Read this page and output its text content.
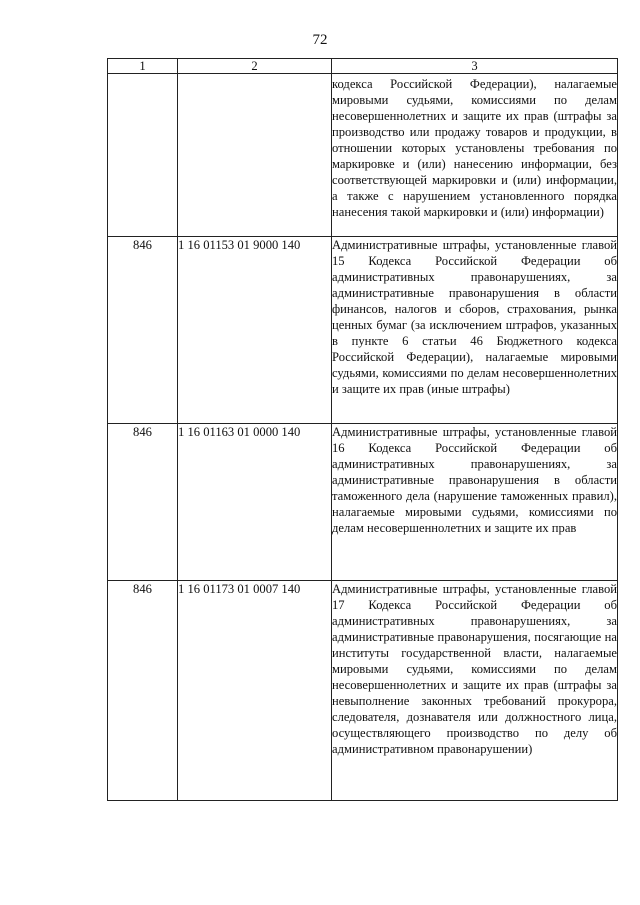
72
1	2	3
		кодекса Российской Федерации), налагаемые мировыми судьями, комиссиями по делам несовершеннолетних и защите их прав (штрафы за производство или продажу товаров и продукции, в отношении которых установлены требования по маркировке и (или) нанесению информации, без соответствующей маркировки и (или) информации, а также с нарушением установленного порядка нанесения такой маркировки и (или) информации)
846	1 16 01153 01 9000 140	Административные штрафы, установленные главой 15 Кодекса Российской Федерации об административных правонарушениях, за административные правонарушения в области финансов, налогов и сборов, страхования, рынка ценных бумаг (за исключением штрафов, указанных в пункте 6 статьи 46 Бюджетного кодекса Российской Федерации), налагаемые мировыми судьями, комиссиями по делам несовершеннолетних и защите их прав (иные штрафы)
846	1 16 01163 01 0000 140	Административные штрафы, установленные главой 16 Кодекса Российской Федерации об административных правонарушениях, за административные правонарушения в области таможенного дела (нарушение таможенных правил), налагаемые мировыми судьями, комиссиями по делам несовершеннолетних и защите их прав
846	1 16 01173 01 0007 140	Административные штрафы, установленные главой 17 Кодекса Российской Федерации об административных правонарушениях, за административные правонарушения, посягающие на институты государственной власти, налагаемые мировыми судьями, комиссиями по делам несовершеннолетних и защите их прав (штрафы за невыполнение законных требований прокурора, следователя, дознавателя или должностного лица, осуществляющего производство по делу об административном правонарушении)
